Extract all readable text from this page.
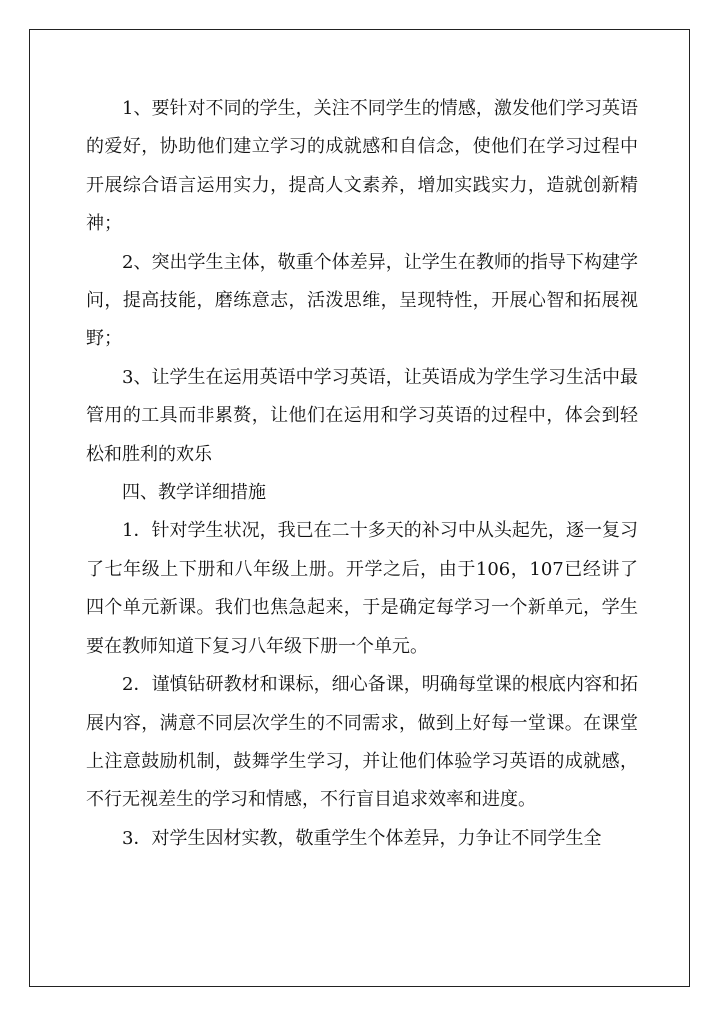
1、要针对不同的学生，关注不同学生的情感，激发他们学习英语的爱好，协助他们建立学习的成就感和自信念，使他们在学习过程中开展综合语言运用实力，提高人文素养，增加实践实力，造就创新精神；

2、突出学生主体，敬重个体差异，让学生在教师的指导下构建学问，提高技能，磨练意志，活泼思维，呈现特性，开展心智和拓展视野；

3、让学生在运用英语中学习英语，让英语成为学生学习生活中最管用的工具而非累赘，让他们在运用和学习英语的过程中，体会到轻松和胜利的欢乐

四、教学详细措施

1．针对学生状况，我已在二十多天的补习中从头起先，逐一复习了七年级上下册和八年级上册。开学之后，由于106，107已经讲了四个单元新课。我们也焦急起来，于是确定每学习一个新单元，学生要在教师知道下复习八年级下册一个单元。

2．谨慎钻研教材和课标，细心备课，明确每堂课的根底内容和拓展内容，满意不同层次学生的不同需求，做到上好每一堂课。在课堂上注意鼓励机制，鼓舞学生学习，并让他们体验学习英语的成就感，不行无视差生的学习和情感，不行盲目追求效率和进度。

3．对学生因材实教，敬重学生个体差异，力争让不同学生全
